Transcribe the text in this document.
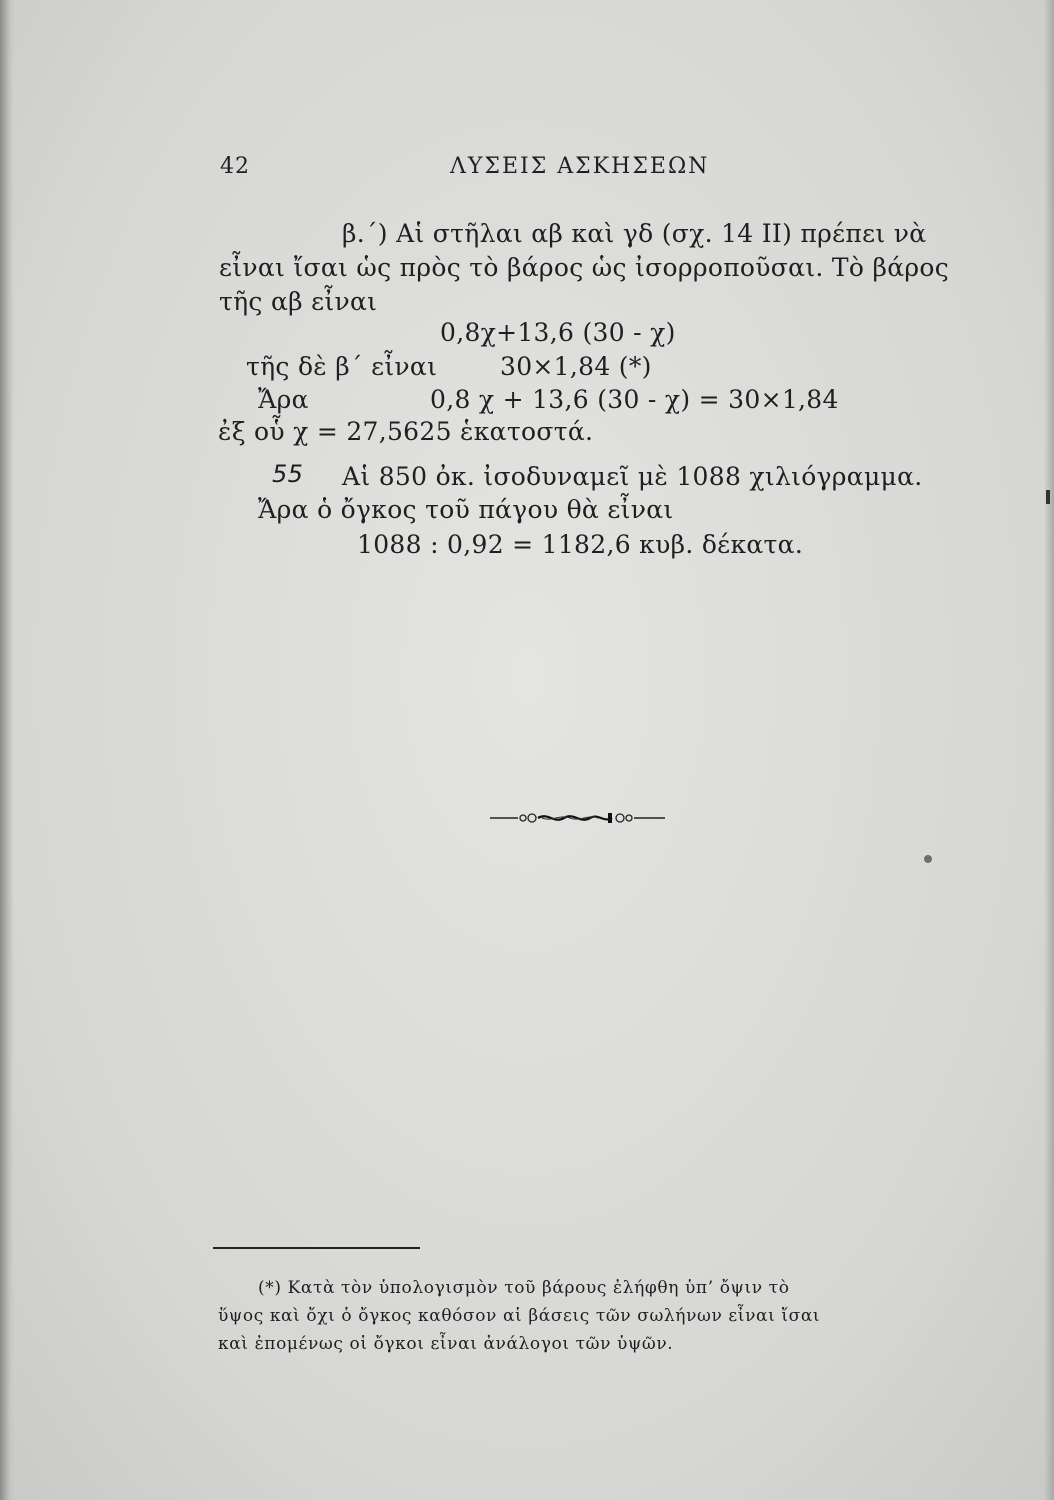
42	ΛΥΣΕΙΣ ΑΣΚΗΣΕΩΝ
β.΄) Αἱ στῆλαι αβ καὶ γδ (σχ. 14 ΙΙ) πρέπει νὰ
εἶναι ἴσαι ὡς πρὸς τὸ βάρος ὡς ἰσορροποῦσαι. Τὸ βάρος
τῆς αβ εἶναι
0,8χ+13,6 (30 - χ)
τῆς δὲ β΄ εἶναι	30×1,84 (*)
Ἄρα	0,8 χ + 13,6 (30 - χ) = 30×1,84
ἐξ οὗ χ = 27,5625 ἑκατοστά.
55 Αἱ 850 ὀκ. ἰσοδυναμεῖ μὲ 1088 χιλιόγραμμα.
Ἄρα ὁ ὄγκος τοῦ πάγου θὰ εἶναι
1088 : 0,92 = 1182,6 κυβ. δέκατα.
(*) Κατὰ τὸν ὑπολογισμὸν τοῦ βάρους ἐλήφθη ὑπ’ ὄψιν τὸ
ὕψος καὶ ὄχι ὁ ὄγκος καθόσον αἱ βάσεις τῶν σωλήνων εἶναι ἴσαι
καὶ ἐπομένως οἱ ὄγκοι εἶναι ἀνάλογοι τῶν ὑψῶν.
